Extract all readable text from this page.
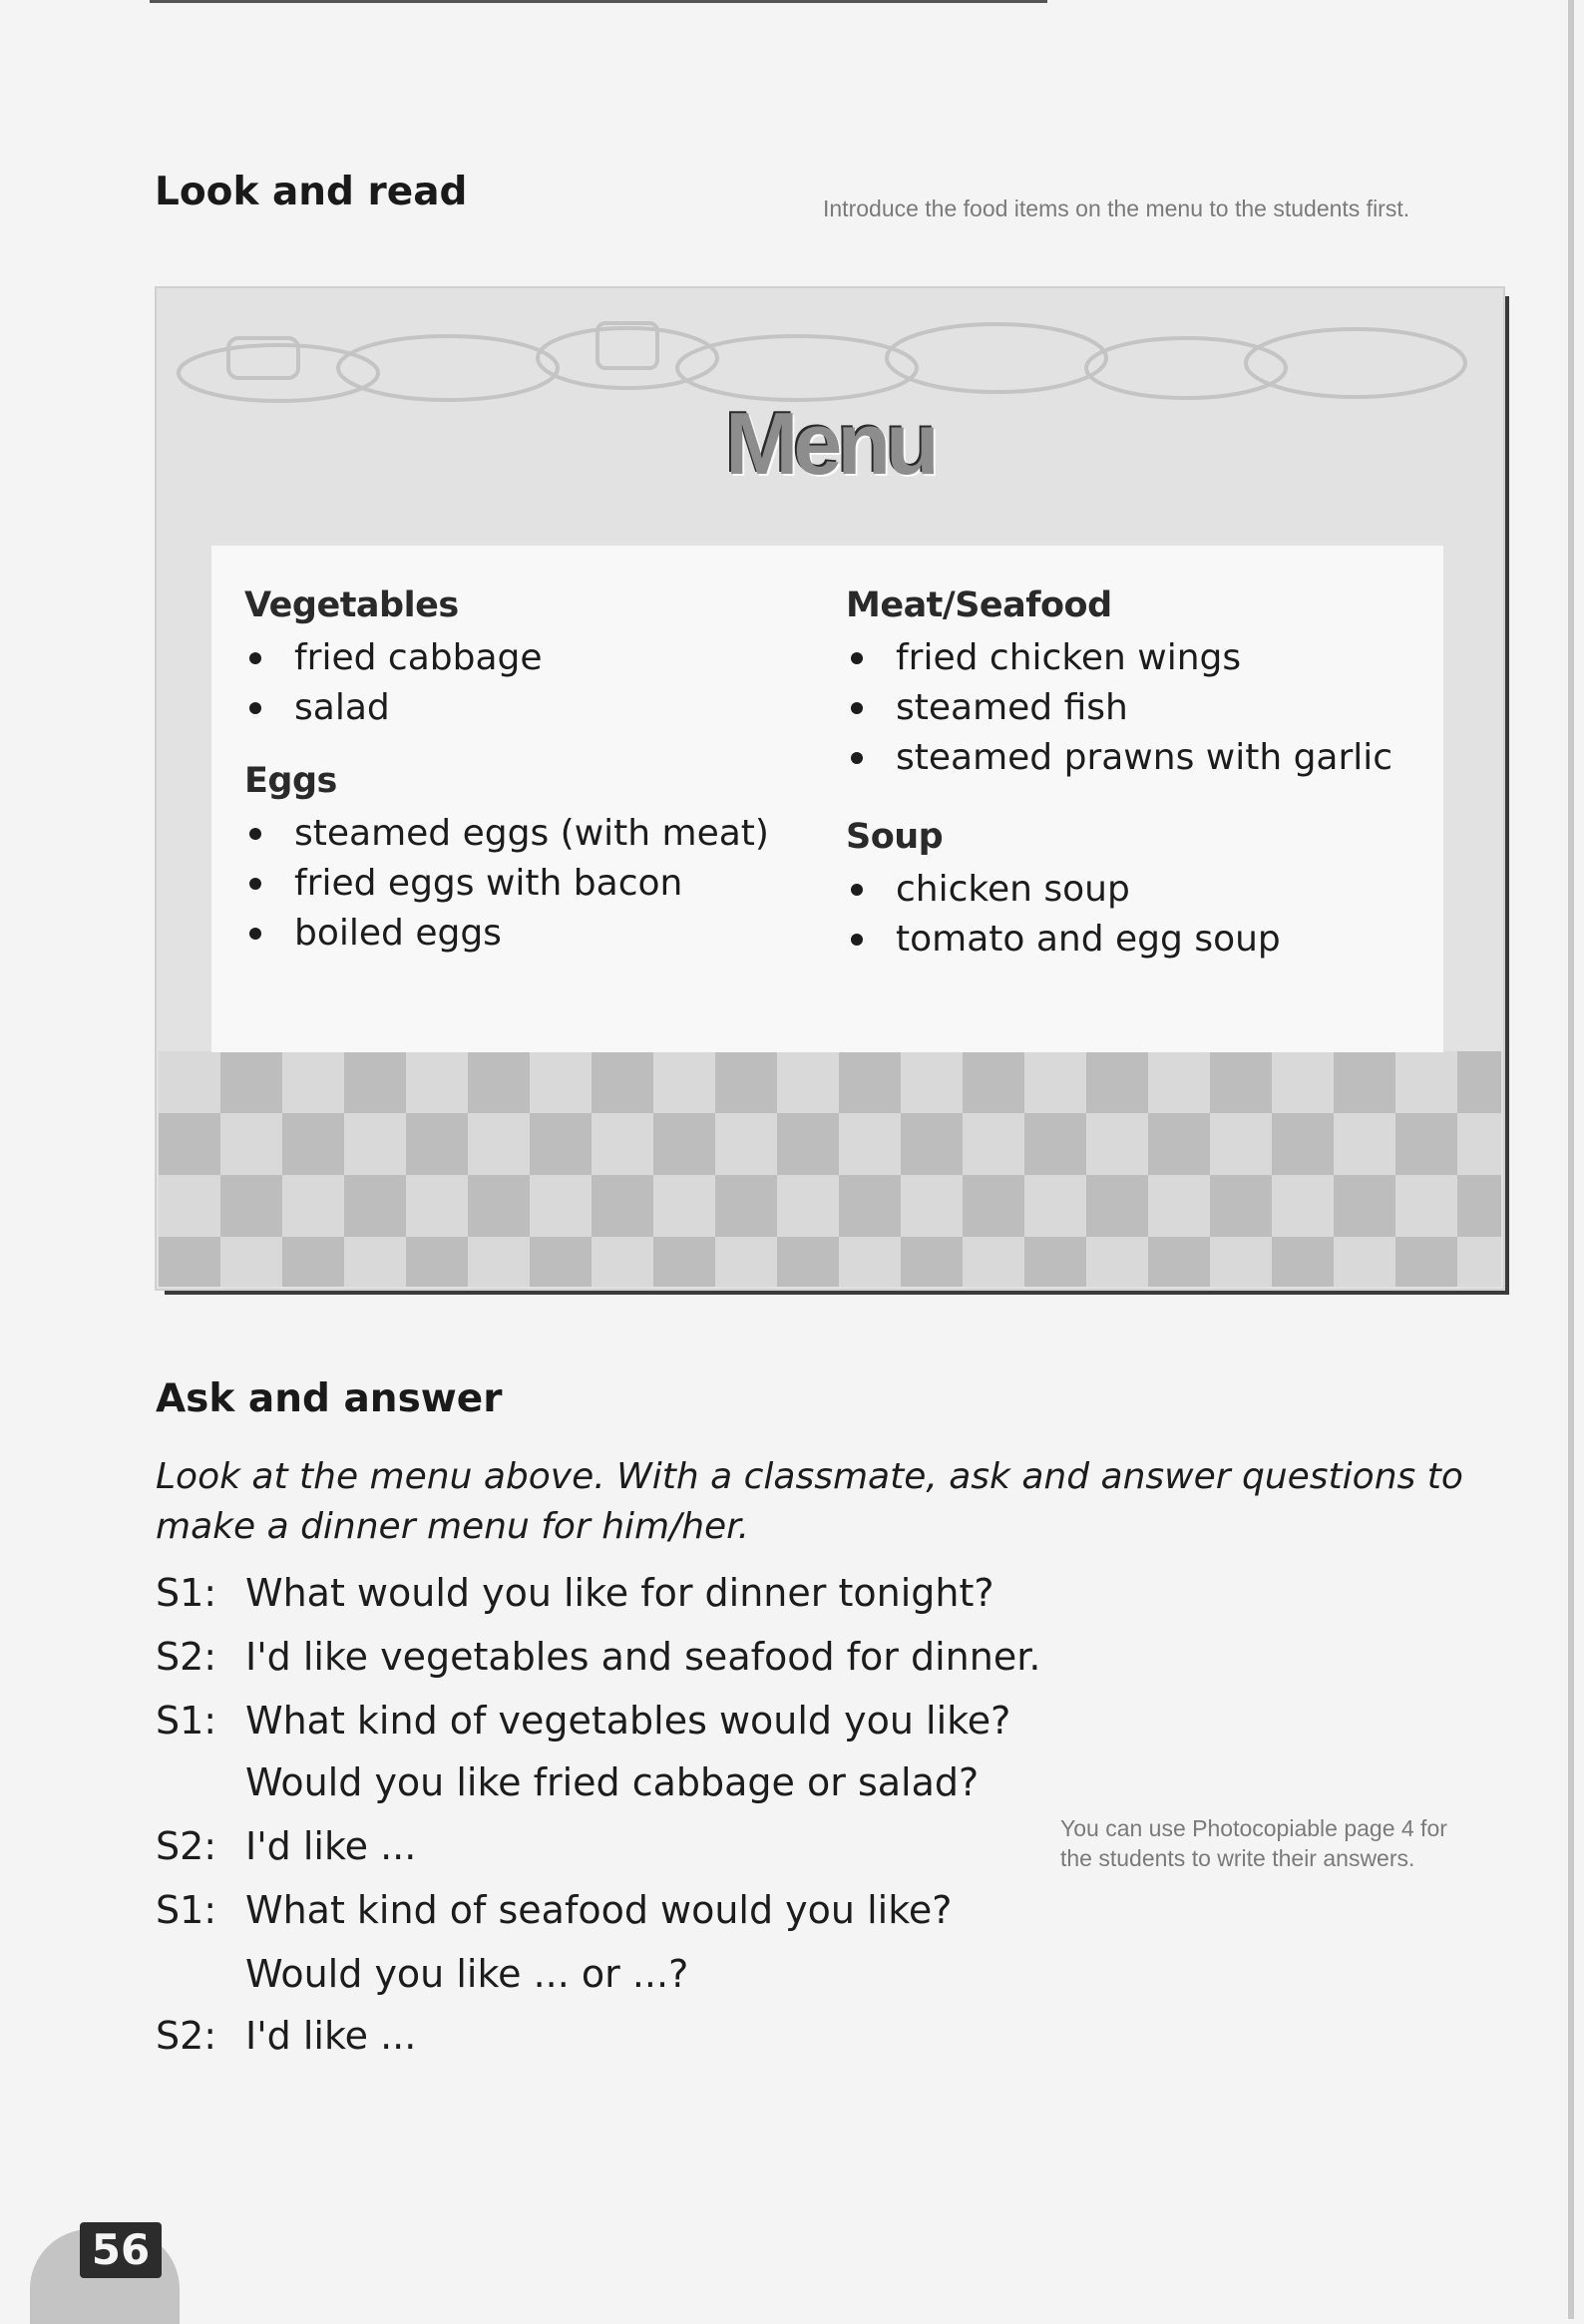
Look and read	Introduce the food items on the menu to the students first.
Menu
Vegetables
fried cabbage
salad
Eggs
steamed eggs (with meat)
fried eggs with bacon
boiled eggs
Meat/Seafood
fried chicken wings
steamed fish
steamed prawns with garlic
Soup
chicken soup
tomato and egg soup
Ask and answer
Look at the menu above. With a classmate, ask and answer questions to
make a dinner menu for him/her.
S1: What would you like for dinner tonight?
S2: I'd like vegetables and seafood for dinner.
S1: What kind of vegetables would you like?
Would you like fried cabbage or salad?
S2: I'd like ...
S1: What kind of seafood would you like?
Would you like ... or ...?
S2: I'd like ...
You can use Photocopiable page 4 for
the students to write their answers.
56
